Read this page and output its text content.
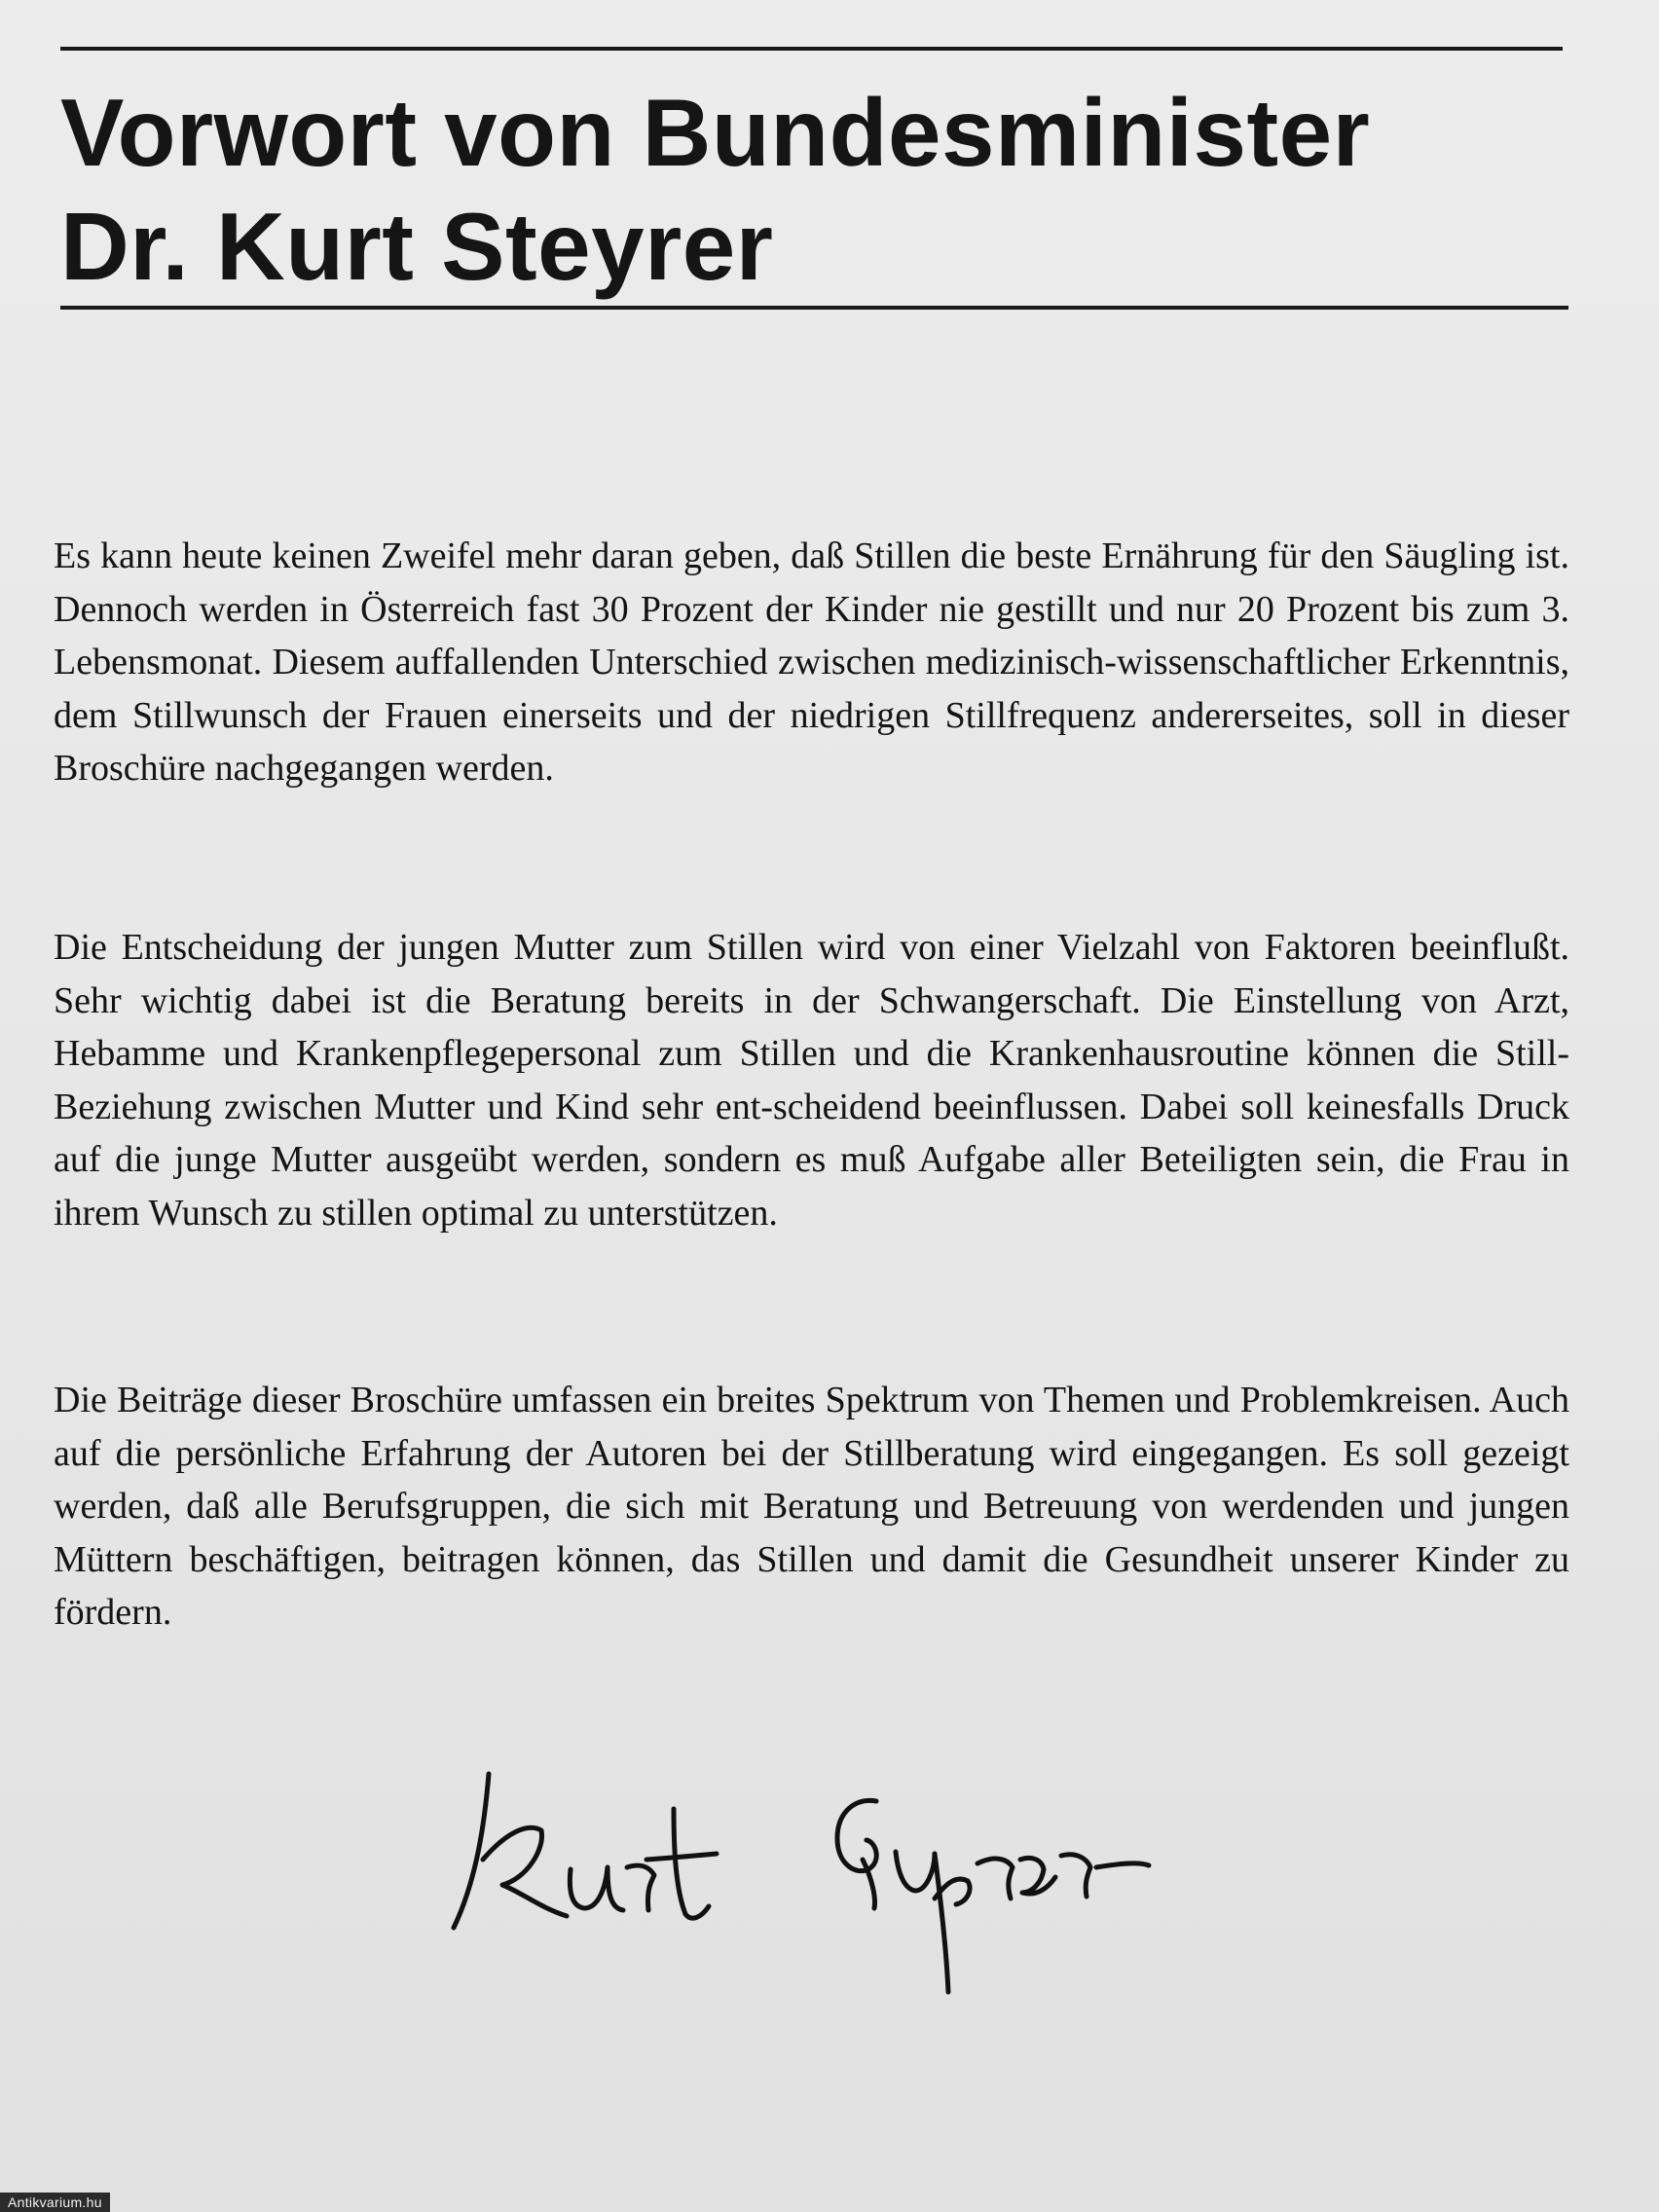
Vorwort von Bundesminister
Dr. Kurt Steyrer

Es kann heute keinen Zweifel mehr daran geben, daß Stillen die beste Ernährung für den Säugling ist. Dennoch werden in Österreich fast 30 Prozent der Kinder nie gestillt und nur 20 Prozent bis zum 3. Lebensmonat. Diesem auffallenden Unterschied zwischen medizinisch-wissenschaftlicher Erkenntnis, dem Stillwunsch der Frauen einerseits und der niedrigen Stillfrequenz andererseites, soll in dieser Broschüre nachgegangen werden.

Die Entscheidung der jungen Mutter zum Stillen wird von einer Vielzahl von Faktoren beeinflußt. Sehr wichtig dabei ist die Beratung bereits in der Schwangerschaft. Die Einstellung von Arzt, Hebamme und Krankenpflegepersonal zum Stillen und die Krankenhausroutine können die Still-Beziehung zwischen Mutter und Kind sehr ent-scheidend beeinflussen. Dabei soll keinesfalls Druck auf die junge Mutter ausgeübt werden, sondern es muß Aufgabe aller Beteiligten sein, die Frau in ihrem Wunsch zu stillen optimal zu unterstützen.

Die Beiträge dieser Broschüre umfassen ein breites Spektrum von Themen und Problemkreisen. Auch auf die persönliche Erfahrung der Autoren bei der Stillberatung wird eingegangen. Es soll gezeigt werden, daß alle Berufsgruppen, die sich mit Beratung und Betreuung von werdenden und jungen Müttern beschäftigen, beitragen können, das Stillen und damit die Gesundheit unserer Kinder zu fördern.

Antikvarium.hu
